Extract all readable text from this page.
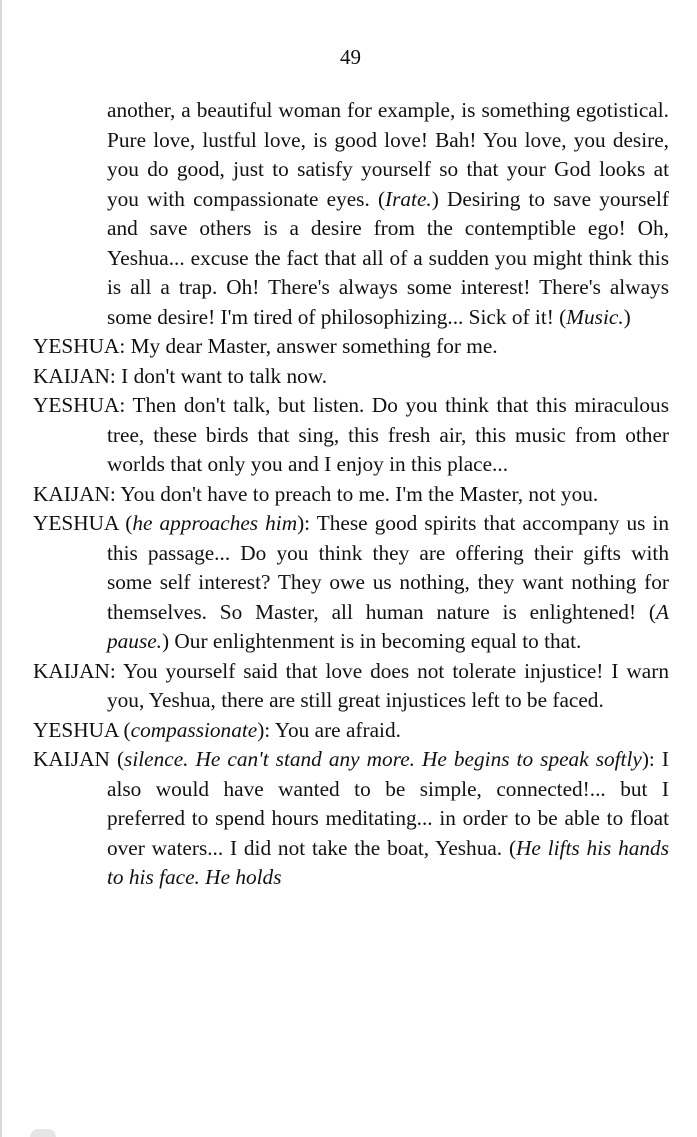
49

another, a beautiful woman for example, is something egotistical. Pure love, lustful love, is good love! Bah! You love, you desire, you do good, just to satisfy yourself so that your God looks at you with compassionate eyes. (Irate.) Desiring to save yourself and save others is a desire from the contemptible ego! Oh, Yeshua... excuse the fact that all of a sudden you might think this is all a trap. Oh! There's always some interest! There's always some desire! I'm tired of philosophizing... Sick of it! (Music.)

YESHUA: My dear Master, answer something for me.

KAIJAN: I don't want to talk now.

YESHUA: Then don't talk, but listen. Do you think that this miraculous tree, these birds that sing, this fresh air, this music from other worlds that only you and I enjoy in this place...

KAIJAN: You don't have to preach to me. I'm the Master, not you.

YESHUA (he approaches him): These good spirits that accompany us in this passage... Do you think they are offering their gifts with some self interest? They owe us nothing, they want nothing for themselves. So Master, all human nature is enlightened! (A pause.) Our enlightenment is in becoming equal to that.

KAIJAN: You yourself said that love does not tolerate injustice! I warn you, Yeshua, there are still great injustices left to be faced.

YESHUA (compassionate): You are afraid.

KAIJAN (silence. He can't stand any more. He begins to speak softly): I also would have wanted to be simple, connected!... but I preferred to spend hours meditating... in order to be able to float over waters... I did not take the boat, Yeshua. (He lifts his hands to his face. He holds
